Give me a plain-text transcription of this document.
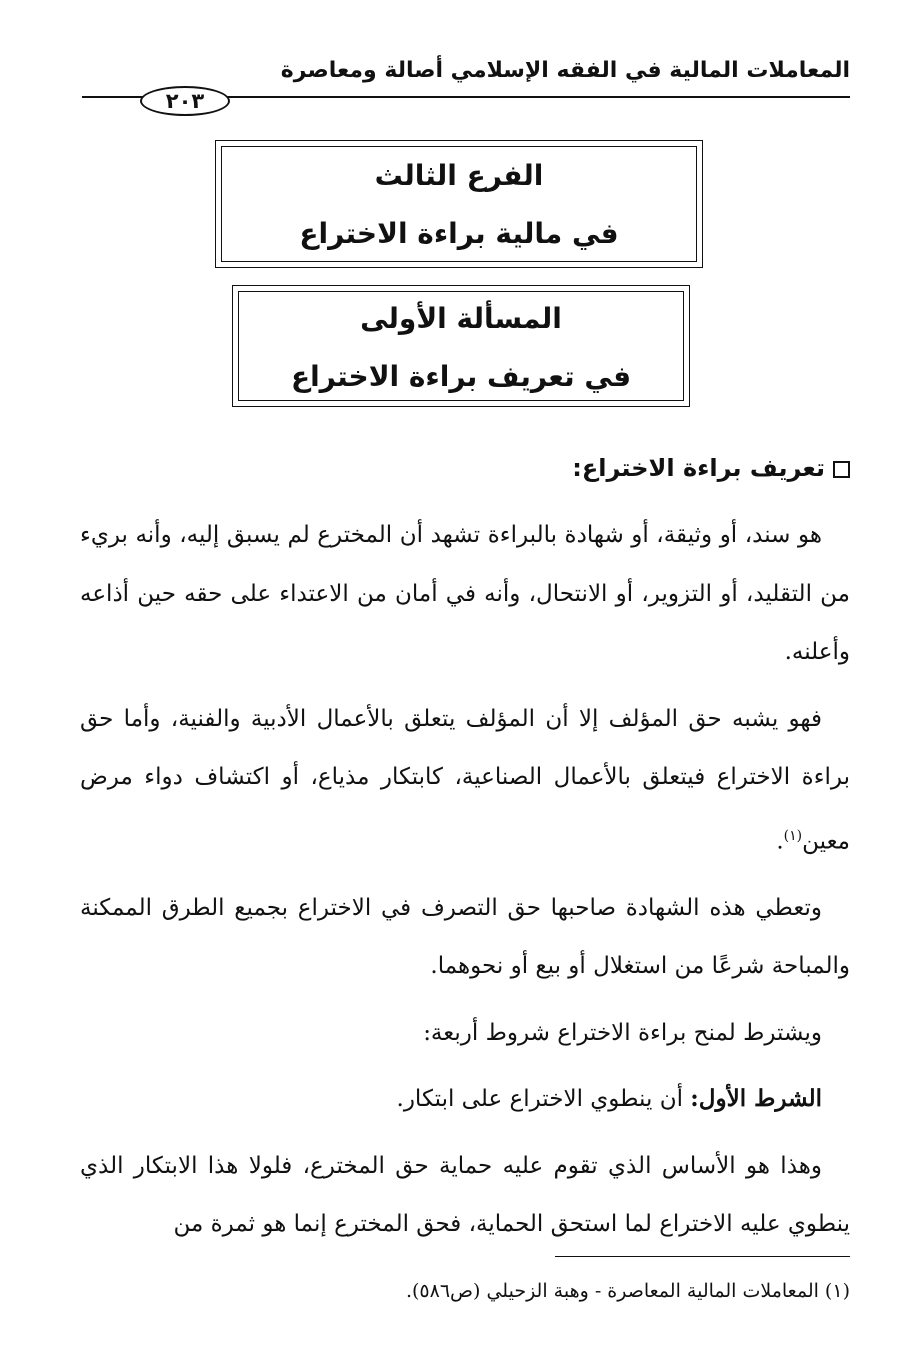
المعاملات المالية في الفقه الإسلامي أصالة ومعاصرة
٢٠٣
الفرع الثالث
في مالية براءة الاختراع
المسألة الأولى
في تعريف براءة الاختراع
تعريف براءة الاختراع:

هو سند، أو وثيقة، أو شهادة بالبراءة تشهد أن المخترع لم يسبق إليه، وأنه بريء من التقليد، أو التزوير، أو الانتحال، وأنه في أمان من الاعتداء على حقه حين أذاعه وأعلنه.

فهو يشبه حق المؤلف إلا أن المؤلف يتعلق بالأعمال الأدبية والفنية، وأما حق براءة الاختراع فيتعلق بالأعمال الصناعية، كابتكار مذياع، أو اكتشاف دواء مرض معين$^{(١)}$.

وتعطي هذه الشهادة صاحبها حق التصرف في الاختراع بجميع الطرق الممكنة والمباحة شرعًا من استغلال أو بيع أو نحوهما.

ويشترط لمنح براءة الاختراع شروط أربعة:

الشرط الأول: أن ينطوي الاختراع على ابتكار.

وهذا هو الأساس الذي تقوم عليه حماية حق المخترع، فلولا هذا الابتكار الذي ينطوي عليه الاختراع لما استحق الحماية، فحق المخترع إنما هو ثمرة من

(١) المعاملات المالية المعاصرة - وهبة الزحيلي (ص٥٨٦).
